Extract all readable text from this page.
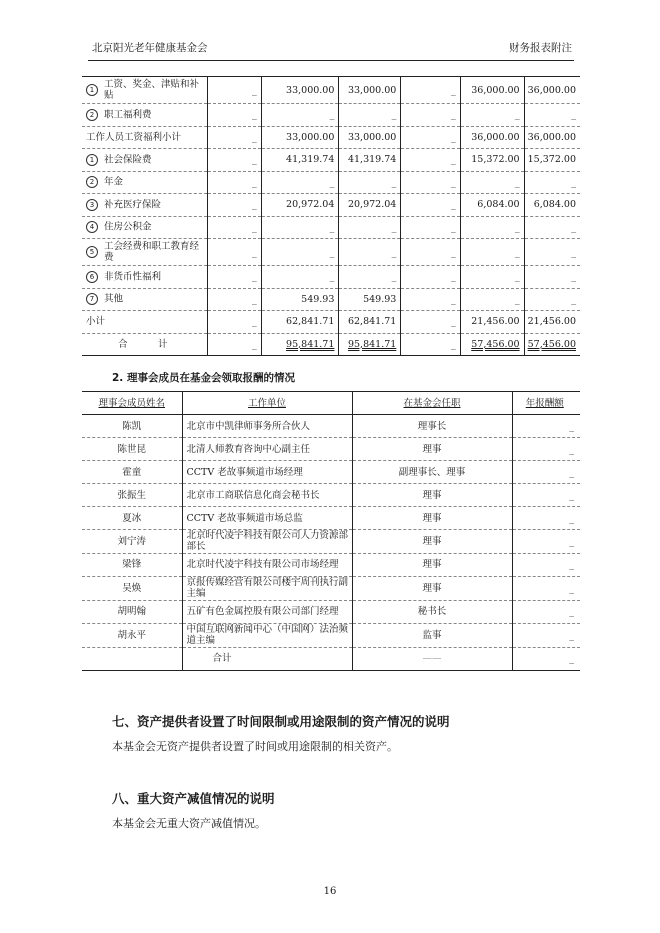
北京阳光老年健康基金会	财务报表附注
1 工资、奖金、津贴和补贴	_	33,000.00	33,000.00	_	36,000.00	36,000.00
2 职工福利费	_	_	_	_	_	_
工作人员工资福利小计	_	33,000.00	33,000.00	_	36,000.00	36,000.00
1 社会保险费	_	41,319.74	41,319.74	_	15,372.00	15,372.00
2 年金	_	_	_	_	_	_
3 补充医疗保险	_	20,972.04	20,972.04	_	6,084.00	6,084.00
4 住房公积金	_	_	_	_	_	_
5 工会经费和职工教育经费	_	_	_	_	_	_
6 非货币性福利	_	_	_	_	_	_
7 其他	_	549.93	549.93	_	_	_
小计	_	62,841.71	62,841.71	_	21,456.00	21,456.00
合 计	_	95,841.71	95,841.71	_	57,456.00	57,456.00
2. 理事会成员在基金会领取报酬的情况
理事会成员姓名	工作单位	在基金会任职	年报酬额
陈凯	北京市中凯律师事务所合伙人	理事长	_
陈世昆	北清人师教育咨询中心副主任	理事	_
霍童	CCTV 老故事频道市场经理	副理事长、理事	_
张振生	北京市工商联信息化商会秘书长	理事	_
夏冰	CCTV 老故事频道市场总监	理事	_
刘宁涛	北京时代凌宇科技有限公司人力资源部部长	理事	_
梁锋	北京时代凌宇科技有限公司市场经理	理事	_
吴焕	京报传媒经营有限公司楼宇周刊执行副主编	理事	_
胡明翰	五矿有色金属控股有限公司部门经理	秘书长	_
胡永平	中国互联网新闻中心（中国网）法治频道主编	监事	_
	合计	——	_
七、资产提供者设置了时间限制或用途限制的资产情况的说明
本基金会无资产提供者设置了时间或用途限制的相关资产。
八、重大资产减值情况的说明
本基金会无重大资产减值情况。
16
